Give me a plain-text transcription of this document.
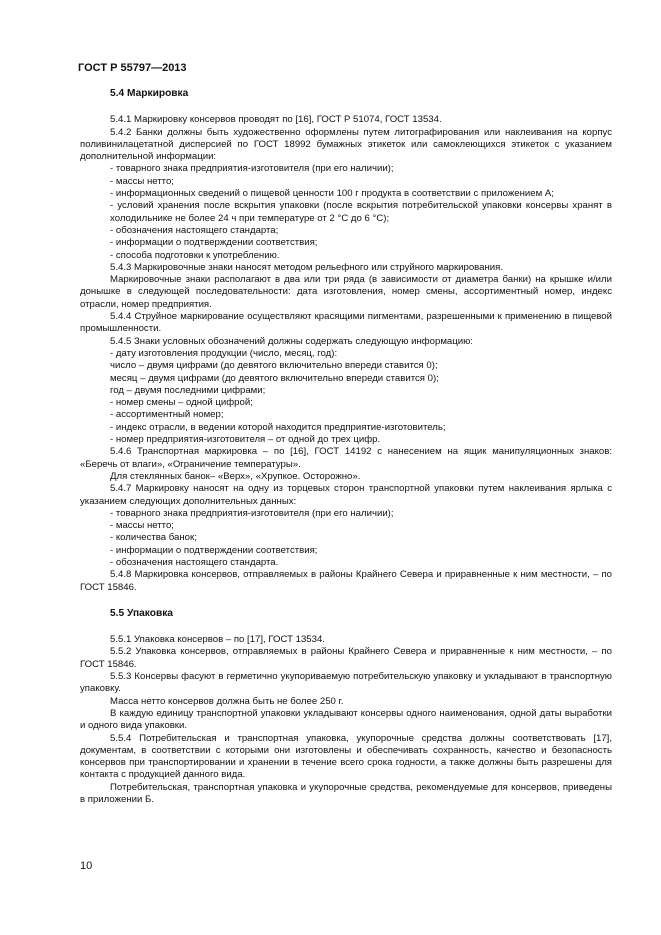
ГОСТ Р 55797—2013
5.4 Маркировка

5.4.1 Маркировку консервов проводят по [16], ГОСТ Р 51074, ГОСТ 13534.

5.4.2 Банки должны быть художественно оформлены путем литографирования или наклеивания на корпус поливинилацетатной дисперсией по ГОСТ 18992 бумажных этикеток или самоклеющихся этикеток с указанием дополнительной информации:

- товарного знака предприятия-изготовителя (при его наличии);

- массы нетто;

- информационных сведений о пищевой ценности 100 г продукта в соответствии с приложением А;

- условий хранения после вскрытия упаковки (после вскрытия потребительской упаковки консервы хранят в холодильнике не более 24 ч при температуре от 2 °С до 6 °С);

- обозначения настоящего стандарта;

- информации о подтверждении соответствия;

- способа подготовки к употреблению.

5.4.3 Маркировочные знаки наносят методом рельефного или струйного маркирования.

Маркировочные знаки располагают в два или три ряда (в зависимости от диаметра банки) на крышке и/или донышке в следующей последовательности: дата изготовления, номер смены, ассортиментный номер, индекс отрасли, номер предприятия.

5.4.4 Струйное маркирование осуществляют красящими пигментами, разрешенными к применению в пищевой промышленности.

5.4.5 Знаки условных обозначений должны содержать следующую информацию:

- дату изготовления продукции (число, месяц, год):

число – двумя цифрами (до девятого включительно впереди ставится 0);

месяц – двумя цифрами (до девятого включительно впереди ставится 0);

год – двумя последними цифрами;

- номер смены – одной цифрой;

- ассортиментный номер;

- индекс отрасли, в ведении которой находится предприятие-изготовитель;

- номер предприятия-изготовителя – от одной до трех цифр.

5.4.6 Транспортная маркировка – по [16], ГОСТ 14192 с нанесением на ящик манипуляционных знаков: «Беречь от влаги», «Ограничение температуры».

Для стеклянных банок– «Верх», «Хрупкое. Осторожно».

5.4.7 Маркировку наносят на одну из торцевых сторон транспортной упаковки путем наклеивания ярлыка с указанием следующих дополнительных данных:

- товарного знака предприятия-изготовителя (при его наличии);

- массы нетто;

- количества банок;

- информации о подтверждении соответствия;

- обозначения настоящего стандарта.

5.4.8 Маркировка консервов, отправляемых в районы Крайнего Севера и приравненные к ним местности, – по ГОСТ 15846.

5.5 Упаковка

5.5.1 Упаковка консервов – по [17], ГОСТ 13534.

5.5.2 Упаковка консервов, отправляемых в районы Крайнего Севера и приравненные к ним местности, – по ГОСТ 15846.

5.5.3 Консервы фасуют в герметично укупориваемую потребительскую упаковку и укладывают в транспортную упаковку.

Масса нетто консервов должна быть не более 250 г.

В каждую единицу транспортной упаковки укладывают консервы одного наименования, одной даты выработки и одного вида упаковки.

5.5.4 Потребительская и транспортная упаковка, укупорочные средства должны соответствовать [17], документам, в соответствии с которыми они изготовлены и обеспечивать сохранность, качество и безопасность консервов при транспортировании и хранении в течение всего срока годности, а также должны быть разрешены для контакта с продукцией данного вида.

Потребительская, транспортная упаковка и укупорочные средства, рекомендуемые для консервов, приведены в приложении Б.

10
